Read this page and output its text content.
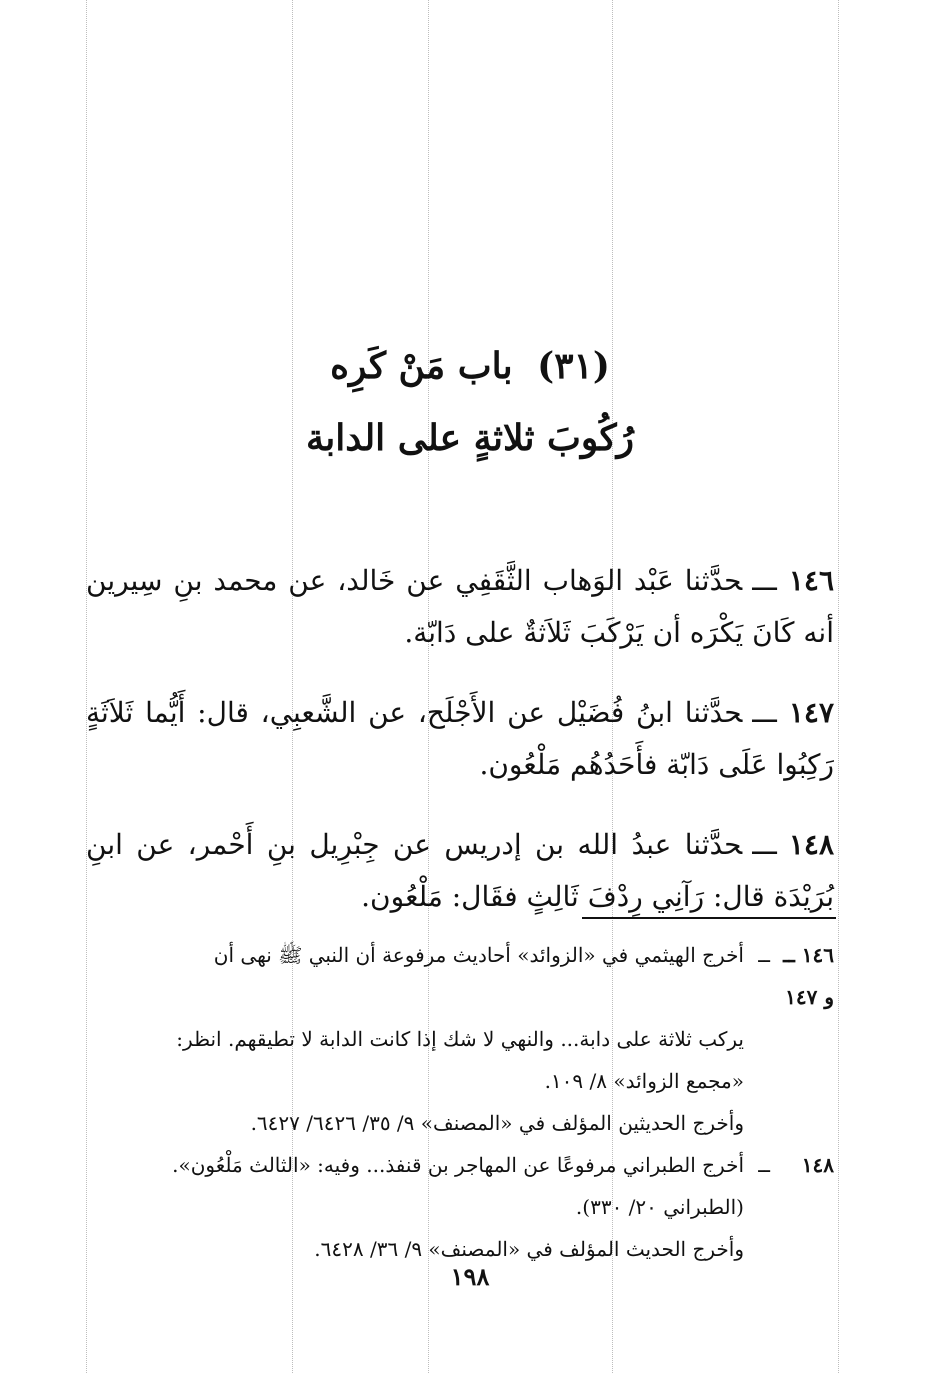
(٣١) باب مَنْ كَرِه
رُكُوبَ ثلاثةٍ على الدابة

١٤٦ـــحدَّثنا عَبْد الوَهاب الثَّقَفِي عن خَالد، عن محمد بنِ سِيرين أنه كَانَ يَكْرَه أن يَرْكَبَ ثَلاَثةٌ على دَابّة.

١٤٧ـــحدَّثنا ابنُ فُضَيْل عن الأَجْلَح، عن الشَّعبِي، قال: أَيُّما ثَلاَثَةٍ رَكِبُوا عَلَى دَابّة فأَحَدُهُم مَلْعُون.

١٤٨ـــحدَّثنا عبدُ الله بن إدريس عن جِبْرِيل بنِ أَحْمر، عن ابنِ بُرَيْدَة قال: رَآنِي رِدْفَ ثَالِثٍ فقَال: مَلْعُون.

١٤٦ ــ و ١٤٧
ــ
أخرج الهيثمي في «الزوائد» أحاديث مرفوعة أن النبي ﷺ نهى أن
يركب ثلاثة على دابة... والنهي لا شك إذا كانت الدابة لا تطيقهم. انظر:
«مجمع الزوائد» ٨/ ١٠٩.
وأخرج الحديثين المؤلف في «المصنف» ٩/ ٣٥/ ٦٤٢٦/ ٦٤٢٧.
١٤٨
ــ
أخرج الطبراني مرفوعًا عن المهاجر بن قنفذ... وفيه: «الثالث مَلْعُون».
(الطبراني ٢٠/ ٣٣٠).
وأخرج الحديث المؤلف في «المصنف» ٩/ ٣٦/ ٦٤٢٨.
١٩٨
